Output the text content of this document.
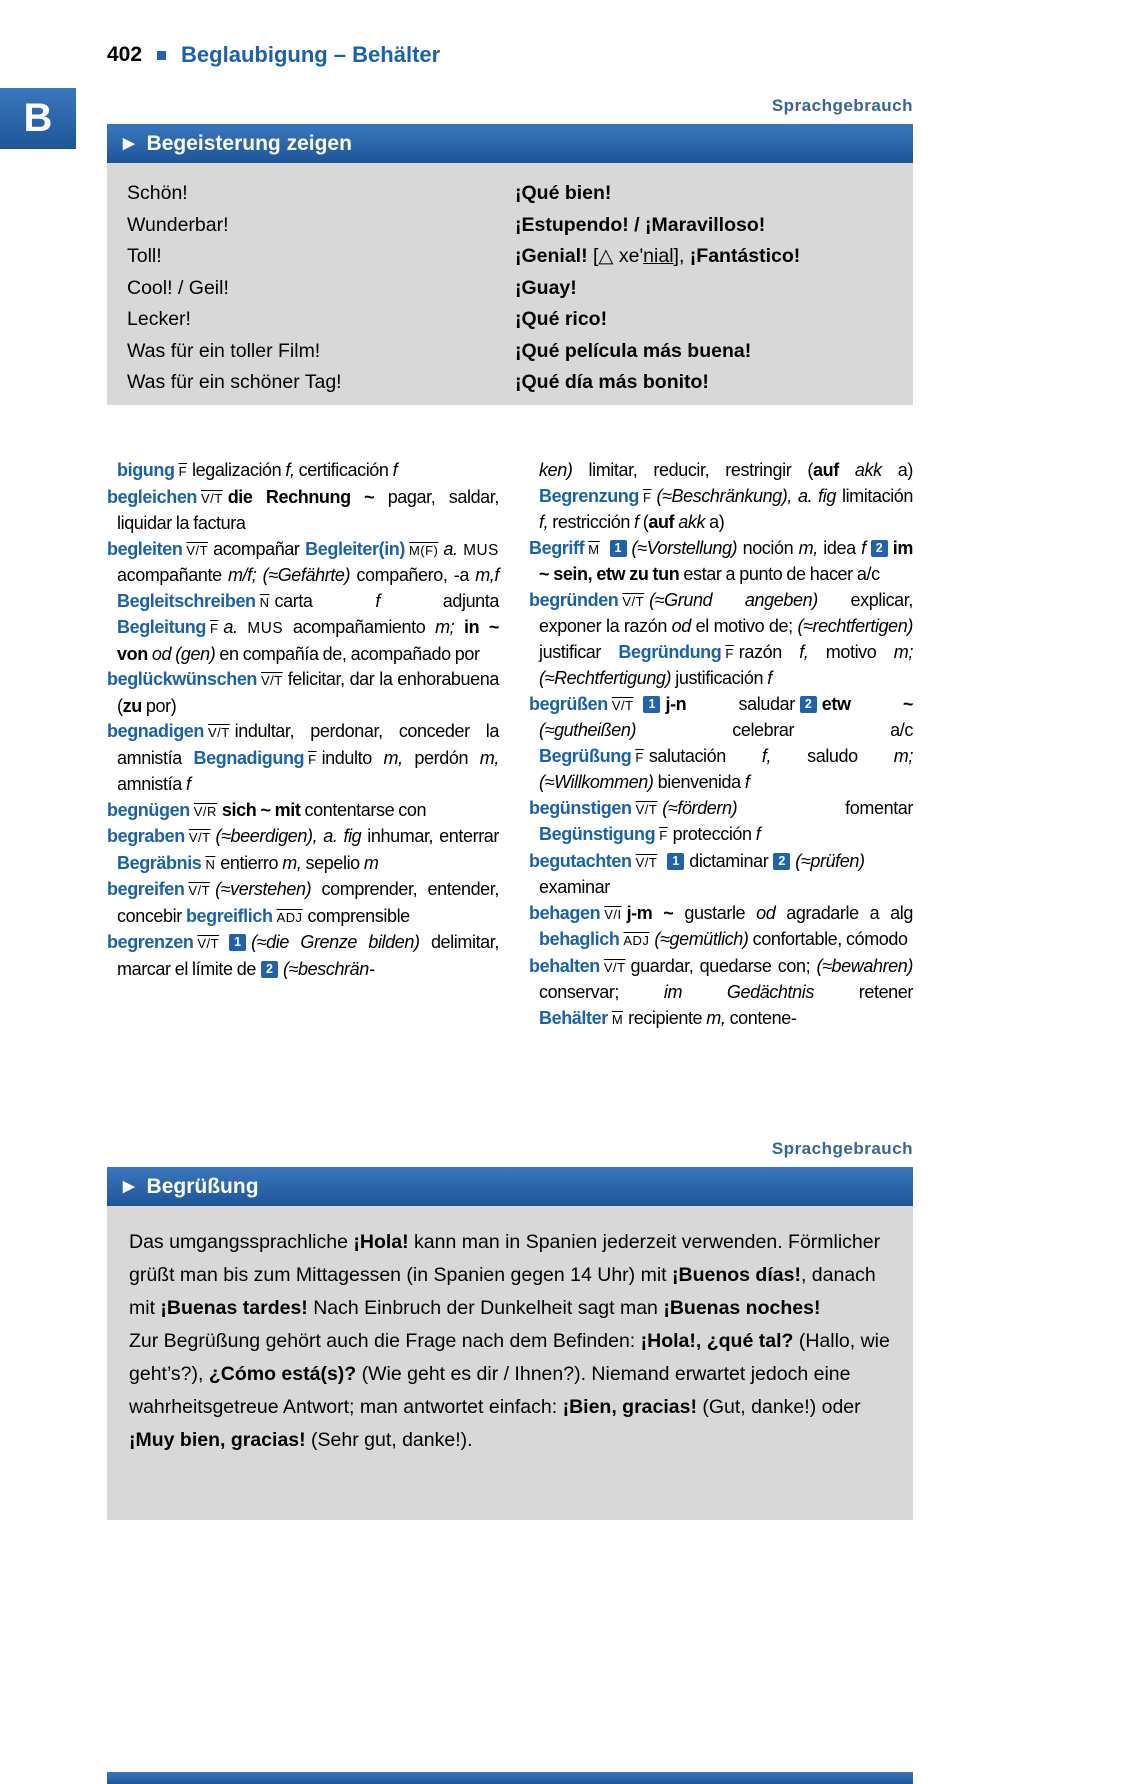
402 Beglaubigung – Behälter
B	Sprachgebrauch
▶ Begeisterung zeigen
Schön!	¡Qué bien!
Wunderbar!	¡Estupendo! / ¡Maravilloso!
Toll!	¡Genial! [△ xe'nial], ¡Fantástico!
Cool! / Geil!	¡Guay!
Lecker!	¡Qué rico!
Was für ein toller Film!	¡Qué película más buena!
Was für ein schöner Tag!	¡Qué día más bonito!

bigung $\overline{F}$ legalización f, certificación f

begleichen V/T die Rechnung ~ pagar, saldar, liquidar la factura

begleiten V/T acompañar Begleiter(in) M(F) a. MUS acompañante m/f; (≈Gefährte) compañero, -a m,f Begleitschreiben $\overline{N}$ carta f adjunta Begleitung $\overline{F}$ a. MUS acompañamiento m; in ~ von od (gen) en compañía de, acompañado por

beglückwünschen V/T felicitar, dar la enhorabuena (zu por)

begnadigen V/T indultar, perdonar, conceder la amnistía Begnadigung $\overline{F}$ indulto m, perdón m, amnistía f

begnügen V/R sich ~ mit contentarse con

begraben V/T (≈beerdigen), a. fig inhumar, enterrar Begräbnis $\overline{N}$ entierro m, sepelio m

begreifen V/T (≈verstehen) comprender, entender, concebir begreiflich $\overline{ADJ}$ comprensible

begrenzen V/T 1 (≈die Grenze bilden) delimitar, marcar el límite de 2 (≈beschrän-

ken) limitar, reducir, restringir (auf akk a) Begrenzung $\overline{F}$ (≈Beschränkung), a. fig limitación f, restricción f (auf akk a)

Begriff $\overline{M}$ 1 (≈Vorstellung) noción m, idea f 2 im ~ sein, etw zu tun estar a punto de hacer a/c

begründen V/T (≈Grund angeben) explicar, exponer la razón od el motivo de; (≈rechtfertigen) justificar Begründung $\overline{F}$ razón f, motivo m; (≈Rechtfertigung) justificación f

begrüßen V/T 1 j-n saludar 2 etw ~ (≈gutheißen) celebrar a/c Begrüßung $\overline{F}$ salutación f, saludo m; (≈Willkommen) bienvenida f

begünstigen V/T (≈fördern) fomentar Begünstigung $\overline{F}$ protección f

begutachten V/T 1 dictaminar 2 (≈prüfen) examinar

behagen V/I j-m ~ gustarle od agradarle a alg behaglich $\overline{ADJ}$ (≈gemütlich) confortable, cómodo

behalten V/T guardar, quedarse con; (≈bewahren) conservar; im Gedächtnis retener Behälter $\overline{M}$ recipiente m, contene-

Sprachgebrauch
▶ Begrüßung

Das umgangssprachliche ¡Hola! kann man in Spanien jederzeit verwenden. Förmlicher grüßt man bis zum Mittagessen (in Spanien gegen 14 Uhr) mit ¡Buenos días!, danach mit ¡Buenas tardes! Nach Einbruch der Dunkelheit sagt man ¡Buenas noches!

Zur Begrüßung gehört auch die Frage nach dem Befinden: ¡Hola!, ¿qué tal? (Hallo, wie geht’s?), ¿Cómo está(s)? (Wie geht es dir / Ihnen?). Niemand erwartet jedoch eine wahrheitsgetreue Antwort; man antwortet einfach: ¡Bien, gracias! (Gut, danke!) oder ¡Muy bien, gracias! (Sehr gut, danke!).
